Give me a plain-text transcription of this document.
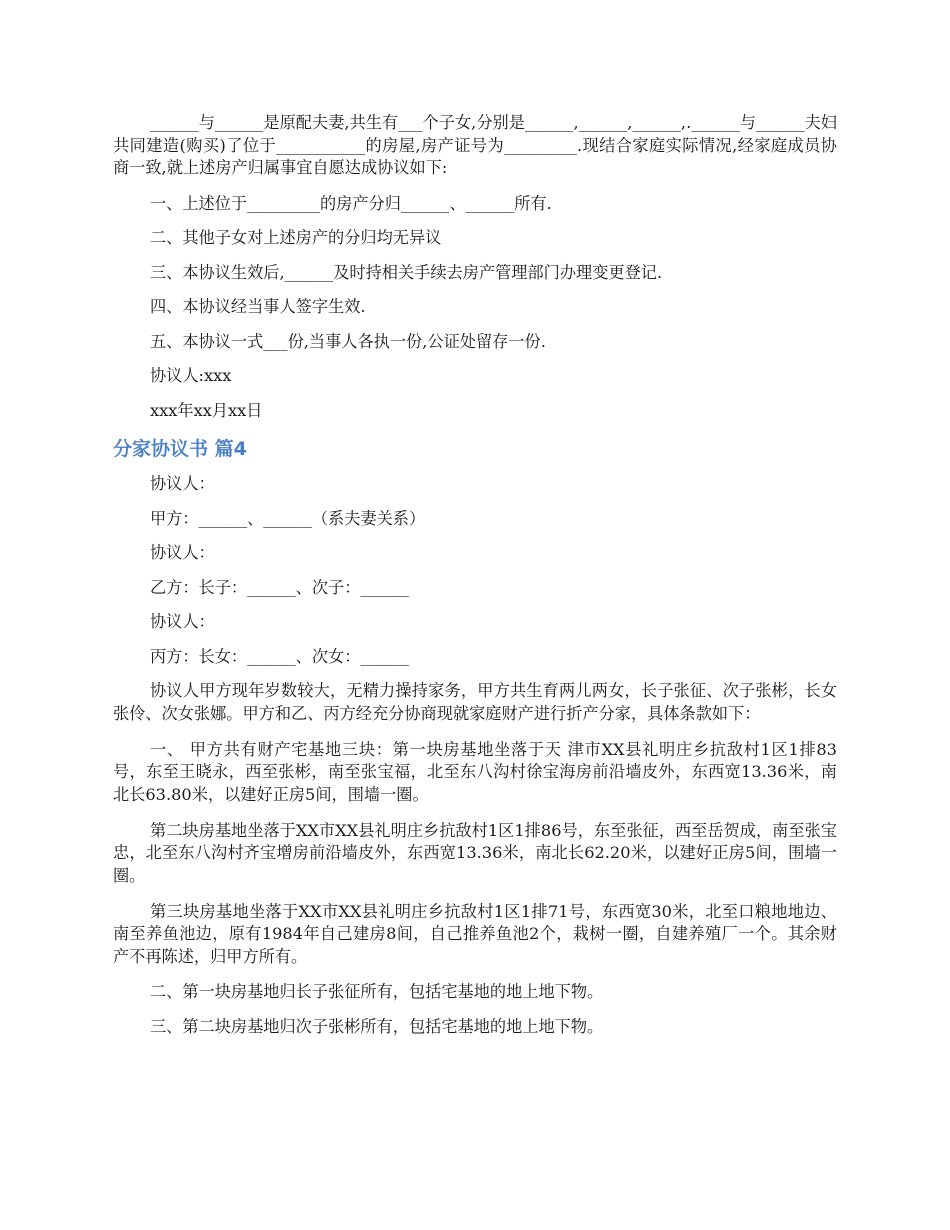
______与______是原配夫妻,共生有___个子女,分别是______,______,______,.______与______夫妇共同建造(购买)了位于___________的房屋,房产证号为_________.现结合家庭实际情况,经家庭成员协商一致,就上述房产归属事宜自愿达成协议如下:

一、上述位于_________的房产分归______、______所有.

二、其他子女对上述房产的分归均无异议

三、本协议生效后,______及时持相关手续去房产管理部门办理变更登记.

四、本协议经当事人签字生效.

五、本协议一式___份,当事人各执一份,公证处留存一份.

协议人:xxx

xxx年xx月xx日

分家协议书 篇4

协议人：

甲方：______、______（系夫妻关系）

协议人：

乙方：长子：______、次子：______

协议人：

丙方：长女：______、次女：______

协议人甲方现年岁数较大，无精力操持家务，甲方共生育两儿两女，长子张征、次子张彬，长女张伶、次女张娜。甲方和乙、丙方经充分协商现就家庭财产进行折产分家，具体条款如下：

一、 甲方共有财产宅基地三块：第一块房基地坐落于天 津市XX县礼明庄乡抗敌村1区1排83号，东至王晓永，西至张彬，南至张宝福，北至东八沟村徐宝海房前沿墙皮外，东西宽13.36米，南北长63.80米，以建好正房5间，围墙一圈。

第二块房基地坐落于XX市XX县礼明庄乡抗敌村1区1排86号，东至张征，西至岳贺成，南至张宝忠，北至东八沟村齐宝增房前沿墙皮外，东西宽13.36米，南北长62.20米，以建好正房5间，围墙一圈。

第三块房基地坐落于XX市XX县礼明庄乡抗敌村1区1排71号，东西宽30米，北至口粮地地边、南至养鱼池边，原有1984年自己建房8间，自己推养鱼池2个，栽树一圈，自建养殖厂一个。其余财产不再陈述，归甲方所有。

二、第一块房基地归长子张征所有，包括宅基地的地上地下物。

三、第二块房基地归次子张彬所有，包括宅基地的地上地下物。
